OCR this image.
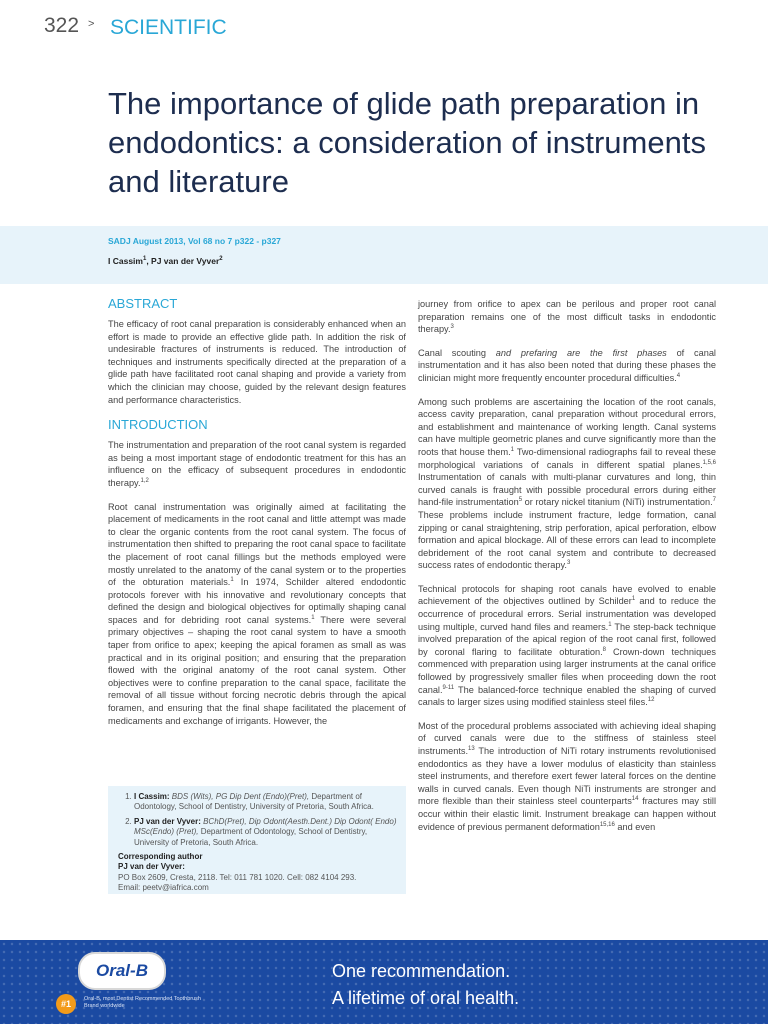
322 > SCIENTIFIC
The importance of glide path preparation in endodontics: a consideration of instruments and literature
SADJ August 2013, Vol 68 no 7 p322 - p327
I Cassim$^1$, PJ van der Vyver$^2$
ABSTRACT

The efficacy of root canal preparation is considerably enhanced when an effort is made to provide an effective glide path. In addition the risk of undesirable fractures of instruments is reduced. The introduction of techniques and instruments specifically directed at the preparation of a glide path have facilitated root canal shaping and provide a variety from which the clinician may choose, guided by the relevant design features and performance characteristics.

INTRODUCTION

The instrumentation and preparation of the root canal system is regarded as being a most important stage of endodontic treatment for this has an influence on the efficacy of subsequent procedures in endodontic therapy.$^{1,2}$

Root canal instrumentation was originally aimed at facilitating the placement of medicaments in the root canal and little attempt was made to clear the organic contents from the root canal system. The focus of instrumentation then shifted to preparing the root canal space to facilitate the placement of root canal fillings but the methods employed were mostly unrelated to the anatomy of the canal system or to the properties of the obturation materials.$^1$ In 1974, Schilder altered endodontic protocols forever with his innovative and revolutionary concepts that defined the design and biological objectives for optimally shaping canal spaces and for debriding root canal systems.$^1$ There were several primary objectives – shaping the root canal system to have a smooth taper from orifice to apex; keeping the apical foramen as small as was practical and in its original position; and ensuring that the preparation flowed with the original anatomy of the root canal system. Other objectives were to confine preparation to the canal space, facilitate the removal of all tissue without forcing necrotic debris through the apical foramen, and ensuring that the final shape facilitated the placement of medicaments and exchange of irrigants. However, the

1. I Cassim: BDS (Wits), PG Dip Dent (Endo)(Pret), Department of Odontology, School of Dentistry, University of Pretoria, South Africa.
2. PJ van der Vyver: BChD(Pret), Dip Odont(Aesth.Dent.) Dip Odont( Endo) MSc(Endo) (Pret), Department of Odontology, School of Dentistry, University of Pretoria, South Africa.
Corresponding author
PJ van der Vyver:
PO Box 2609, Cresta, 2118. Tel: 011 781 1020. Cell: 082 4104 293.
Email: peetv@iafrica.com

journey from orifice to apex can be perilous and proper root canal preparation remains one of the most difficult tasks in endodontic therapy.$^3$

Canal scouting and prefaring are the first phases of canal instrumentation and it has also been noted that during these phases the clinician might more frequently encounter procedural difficulties.$^4$

Among such problems are ascertaining the location of the root canals, access cavity preparation, canal preparation without procedural errors, and establishment and maintenance of working length. Canal systems can have multiple geometric planes and curve significantly more than the roots that house them.$^1$ Two-dimensional radiographs fail to reveal these morphological variations of canals in different spatial planes.$^{1,5,6}$ Instrumentation of canals with multi-planar curvatures and long, thin curved canals is fraught with possible procedural errors during either hand-file instrumentation$^5$ or rotary nickel titanium (NiTi) instrumentation.$^7$ These problems include instrument fracture, ledge formation, canal zipping or canal straightening, strip perforation, apical perforation, elbow formation and apical blockage. All of these errors can lead to incomplete debridement of the root canal system and contribute to decreased success rates of endodontic therapy.$^3$

Technical protocols for shaping root canals have evolved to enable achievement of the objectives outlined by Schilder$^1$ and to reduce the occurrence of procedural errors. Serial instrumentation was developed using multiple, curved hand files and reamers.$^1$ The step-back technique involved preparation of the apical region of the root canal first, followed by coronal flaring to facilitate obturation.$^8$ Crown-down techniques commenced with preparation using larger instruments at the canal orifice followed by progressively smaller files when proceeding down the root canal.$^{9-11}$ The balanced-force technique enabled the shaping of curved canals to larger sizes using modified stainless steel files.$^{12}$

Most of the procedural problems associated with achieving ideal shaping of curved canals were due to the stiffness of stainless steel instruments.$^{13}$ The introduction of NiTi rotary instruments revolutionised endodontics as they have a lower modulus of elasticity than stainless steel instruments, and therefore exert fewer lateral forces on the dentine walls in curved canals. Even though NiTi instruments are stronger and more flexible than their stainless steel counterparts$^{14}$ fractures may still occur within their elastic limit. Instrument breakage can happen without evidence of previous permanent deformation$^{15,16}$ and even

Oral-B
#1	Oral-B, most Dentist Recommended Toothbrush Brand worldwide
One recommendation.
A lifetime of oral health.
